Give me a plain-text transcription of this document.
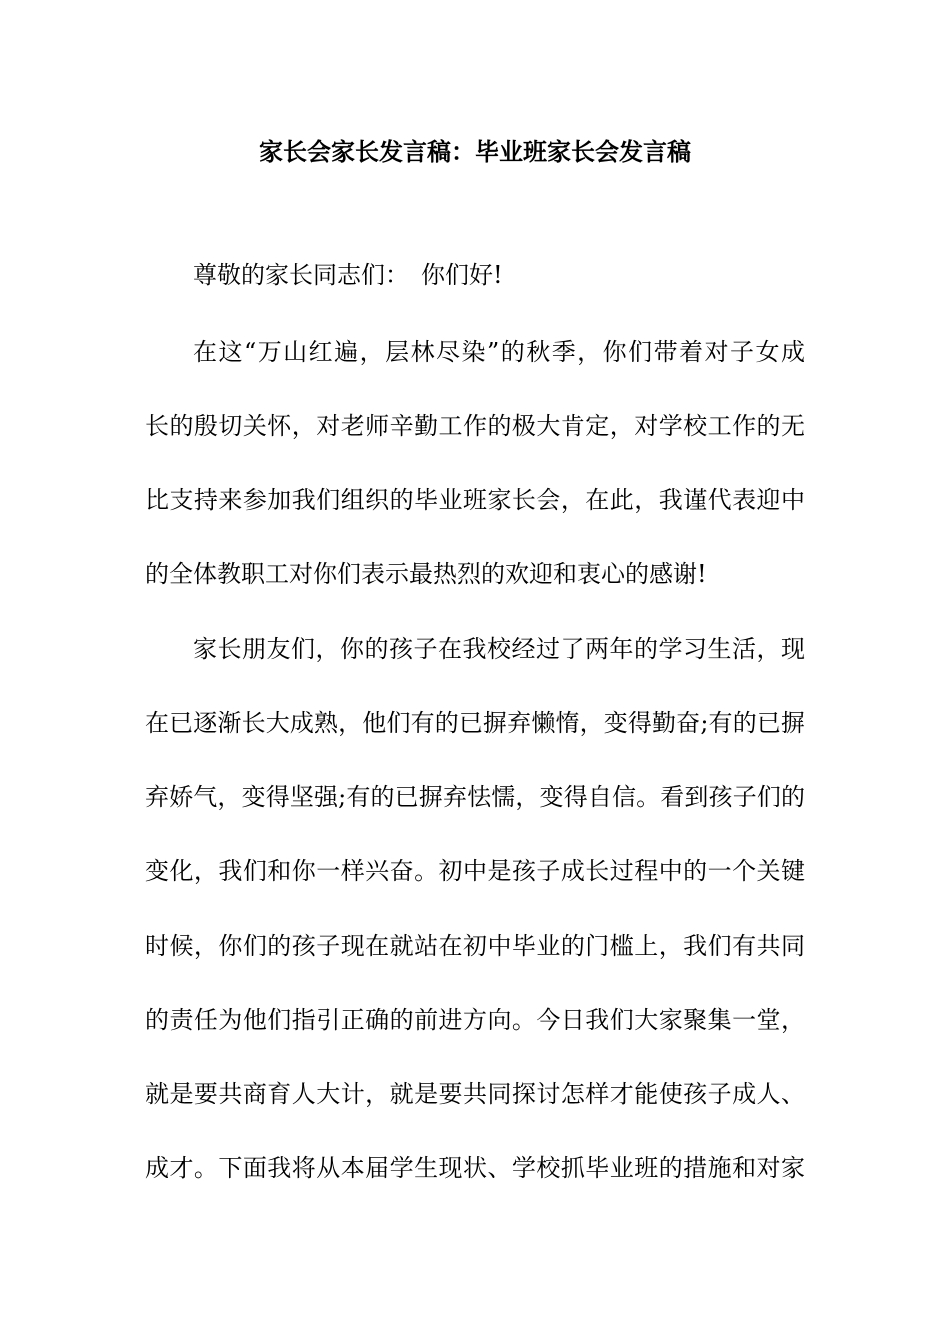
家长会家长发言稿：毕业班家长会发言稿

尊敬的家长同志们：　你们好!

在这“万山红遍，层林尽染”的秋季，你们带着对子女成

长的殷切关怀，对老师辛勤工作的极大肯定，对学校工作的无

比支持来参加我们组织的毕业班家长会，在此，我谨代表迎中

的全体教职工对你们表示最热烈的欢迎和衷心的感谢!

家长朋友们，你的孩子在我校经过了两年的学习生活，现

在已逐渐长大成熟，他们有的已摒弃懒惰，变得勤奋;有的已摒

弃娇气，变得坚强;有的已摒弃怯懦，变得自信。看到孩子们的

变化，我们和你一样兴奋。初中是孩子成长过程中的一个关键

时候，你们的孩子现在就站在初中毕业的门槛上，我们有共同

的责任为他们指引正确的前进方向。今日我们大家聚集一堂，

就是要共商育人大计，就是要共同探讨怎样才能使孩子成人、

成才。下面我将从本届学生现状、学校抓毕业班的措施和对家
